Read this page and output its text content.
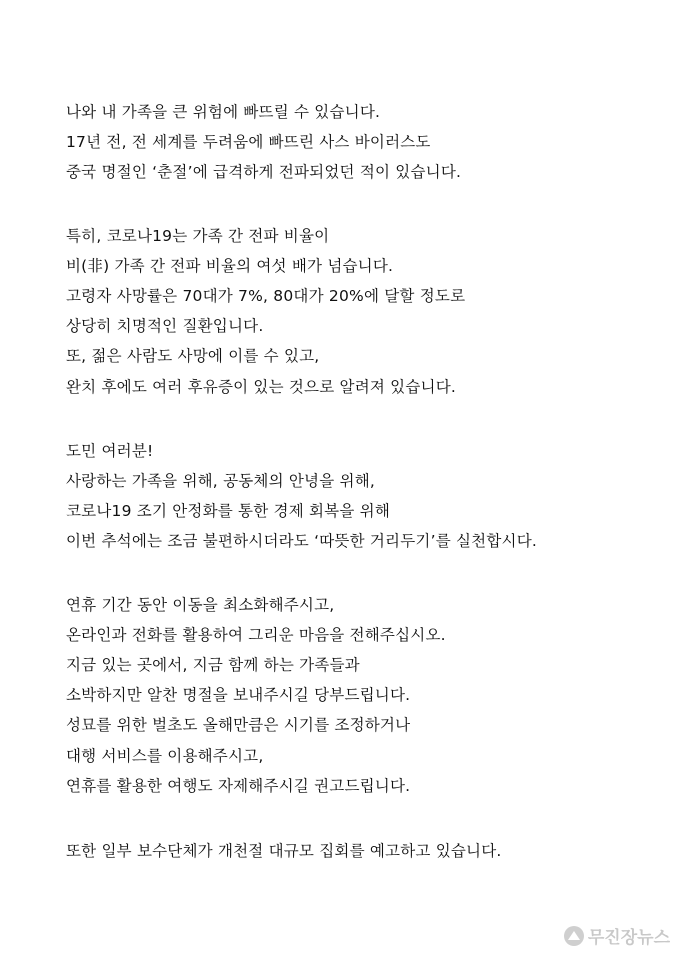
나와 내 가족을 큰 위험에 빠뜨릴 수 있습니다.
17년 전, 전 세계를 두려움에 빠뜨린 사스 바이러스도
중국 명절인 ‘춘절’에 급격하게 전파되었던 적이 있습니다.
특히, 코로나19는 가족 간 전파 비율이
비(非) 가족 간 전파 비율의 여섯 배가 넘습니다.
고령자 사망률은 70대가 7%, 80대가 20%에 달할 정도로
상당히 치명적인 질환입니다.
또, 젊은 사람도 사망에 이를 수 있고,
완치 후에도 여러 후유증이 있는 것으로 알려져 있습니다.
도민 여러분!
사랑하는 가족을 위해, 공동체의 안녕을 위해,
코로나19 조기 안정화를 통한 경제 회복을 위해
이번 추석에는 조금 불편하시더라도 ‘따뜻한 거리두기’를 실천합시다.
연휴 기간 동안 이동을 최소화해주시고,
온라인과 전화를 활용하여 그리운 마음을 전해주십시오.
지금 있는 곳에서, 지금 함께 하는 가족들과
소박하지만 알찬 명절을 보내주시길 당부드립니다.
성묘를 위한 벌초도 올해만큼은 시기를 조정하거나
대행 서비스를 이용해주시고,
연휴를 활용한 여행도 자제해주시길 권고드립니다.
또한 일부 보수단체가 개천절 대규모 집회를 예고하고 있습니다.
무진장뉴스
